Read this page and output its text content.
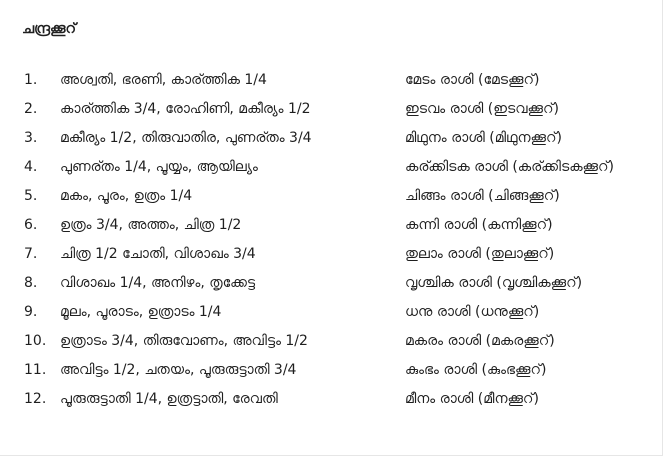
ചന്ദ്രക്കൂറ്
1. അശ്വതി, ഭരണി, കാര്ത്തിക 1/4	മേടം രാശി (മേടക്കൂറ്)
2. കാര്ത്തിക 3/4, രോഹിണി, മകീര്യം 1/2	ഇടവം രാശി (ഇടവക്കൂറ്)
3. മകീര്യം 1/2, തിരുവാതിര, പുണര്തം 3/4	മിഥുനം രാശി (മിഥുനക്കൂറ്)
4. പുണര്തം 1/4, പൂയ്യം, ആയില്യം	കര്ക്കിടക രാശി (കര്ക്കിടകക്കൂറ്)
5. മകം, പൂരം, ഉത്രം 1/4	ചിങ്ങം രാശി (ചിങ്ങക്കൂറ്)
6. ഉത്രം 3/4, അത്തം, ചിത്ര 1/2	കന്നി രാശി (കന്നിക്കൂറ്)
7. ചിത്ര 1/2 ചോതി, വിശാഖം 3/4	തുലാം രാശി (തുലാക്കൂറ്)
8. വിശാഖം 1/4, അനിഴം, തൃക്കേട്ട	വൃശ്ചിക രാശി (വൃശ്ചികക്കൂറ്)
9. മൂലം, പൂരാടം, ഉത്രാടം 1/4	ധനു രാശി (ധനുക്കൂറ്)
10. ഉത്രാടം 3/4, തിരുവോണം, അവിട്ടം 1/2	മകരം രാശി (മകരക്കൂറ്)
11. അവിട്ടം 1/2, ചതയം, പൂരുരുട്ടാതി 3/4	കുംഭം രാശി (കുംഭക്കൂറ്)
12. പൂരുരുട്ടാതി 1/4, ഉത്രട്ടാതി, രേവതി	മീനം രാശി (മീനക്കൂറ്)
